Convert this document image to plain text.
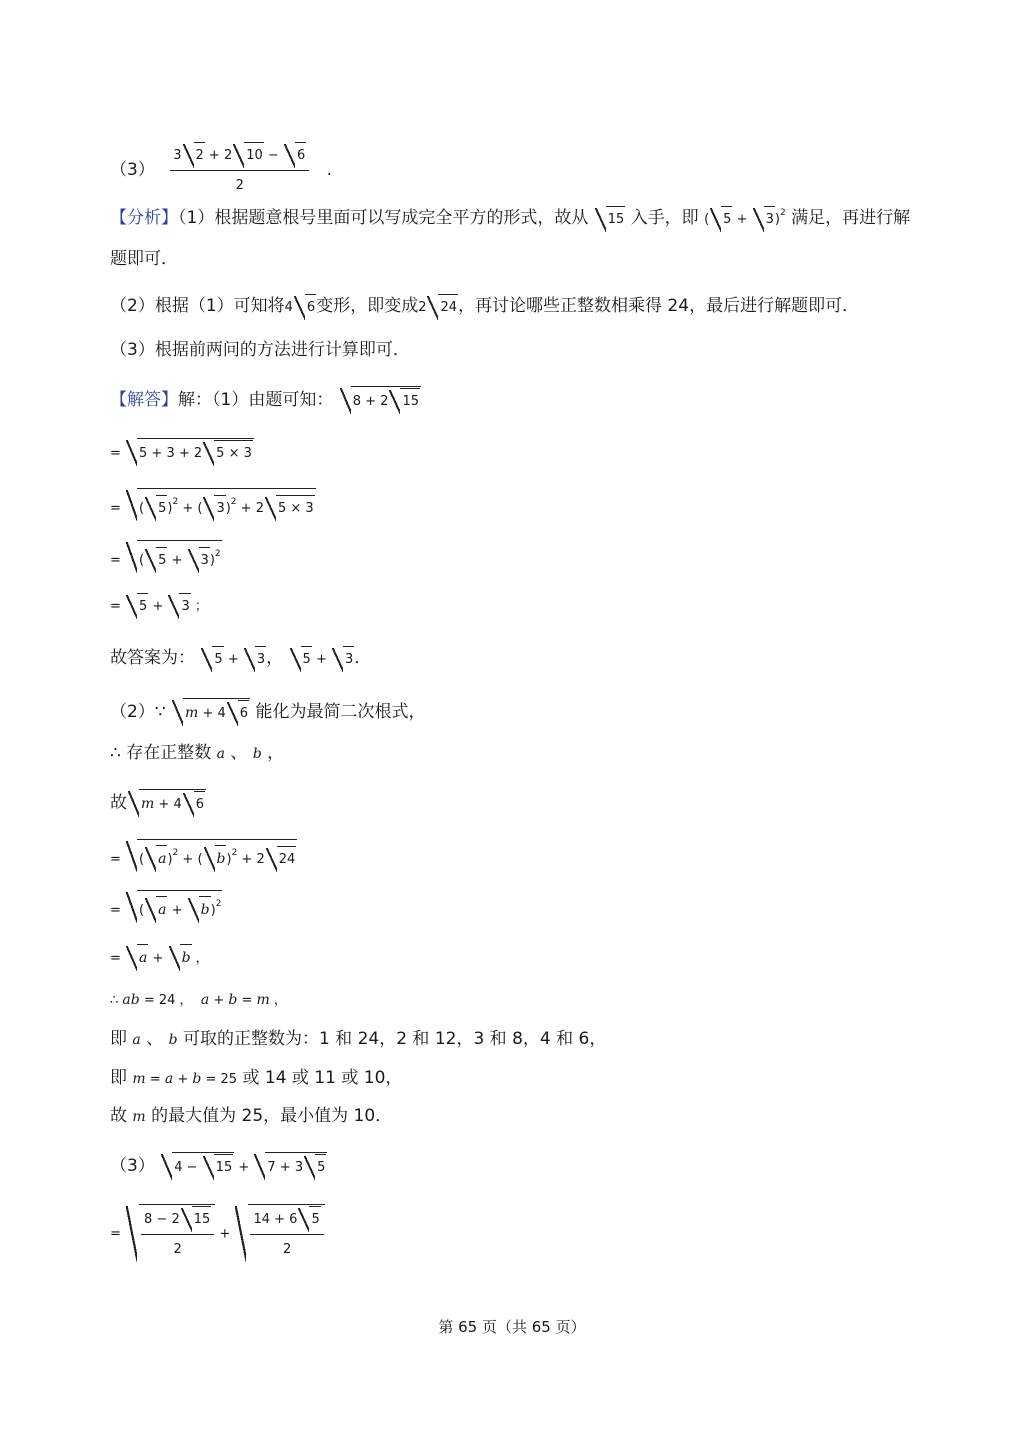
$(3) \frac{3 2 + 2 10 - 6}{2}$ .
【分析】（1）根据题意根号里面可以写成完全平方的形式，故从 15 入手，即 ( 5 + 3)$^2$ 满足，再进行解
题即可．
（2）根据（1）可知将4 6变形，即变成2 24，再讨论哪些正整数相乘得 24，最后进行解题即可．
（3）根据前两问的方法进行计算即可．
【解答】解：（1）由题可知： 8 + 2 15
= 5 + 3 + 2 5 × 3
= ( 5)$^2$ + ( 3)$^2$ + 2 5 × 3
= ( 5 + 3)$^2$
= 5 + 3 ；
故答案为： 5 + 3， 5 + 3．
（2）∵ m + 4 6 能化为最简二次根式，
∴ 存在正整数 a 、 b ，
故 m + 4 6
= ( a)$^2$ + ( b)$^2$ + 2 24
= ( a + b)$^2$
= a + b ，
∴ ab = 24 ，  a + b = m ，
即 a 、 b 可取的正整数为：1 和 24，2 和 12，3 和 8，4 和 6，
即 m = a + b = 25 或 14 或 11 或 10，
故 m 的最大值为 25，最小值为 10．
（3） 4 − 15 + 7 + 3 5
= $\frac{8 - 2 15}{2} + \frac{14 + 6 5}{2}$
第 65 页（共 65 页）
